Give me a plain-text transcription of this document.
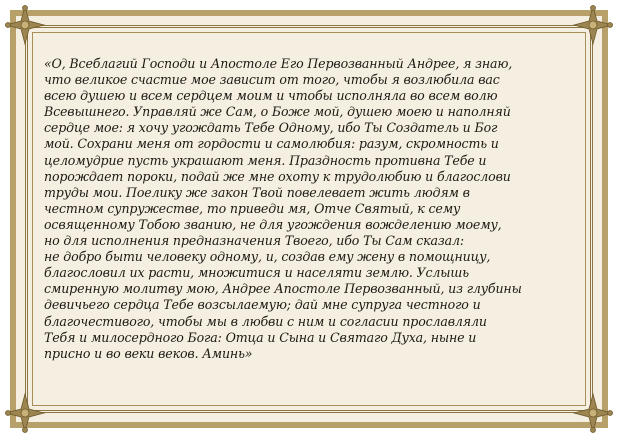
«О, Всеблагий Господи и Апостоле Его Первозванный Андрее, я знаю,
что великое счастие мое зависит от того, чтобы я возлюбила вас
всею душею и всем сердцем моим и чтобы исполняла во всем волю
Всевышнего. Управляй же Сам, о Боже мой, душею моею и наполняй
сердце мое: я хочу угождать Тебе Одному, ибо Ты Создатель и Бог
мой. Сохрани меня от гордости и самолюбия: разум, скромность и
целомудрие пусть украшают меня. Праздность противна Тебе и
порождает пороки, подай же мне охоту к трудолюбию и благослови
труды мои. Поелику же закон Твой повелевает жить людям в
честном супружестве, то приведи мя, Отче Святый, к сему
освященному Тобою званию, не для угождения вожделению моему,
но для исполнения предназначения Твоего, ибо Ты Сам сказал:
не добро быти человеку одному, и, создав ему жену в помощницу,
благословил их расти, множитися и населяти землю. Услышь
смиренную молитву мою, Андрее Апостоле Первозванный, из глубины
девичьего сердца Тебе возсылаемую; дай мне супруга честного и
благочестивого, чтобы мы в любви с ним и согласии прославляли
Тебя и милосердного Бога: Отца и Сына и Святаго Духа, ныне и
присно и во веки веков. Аминь»
